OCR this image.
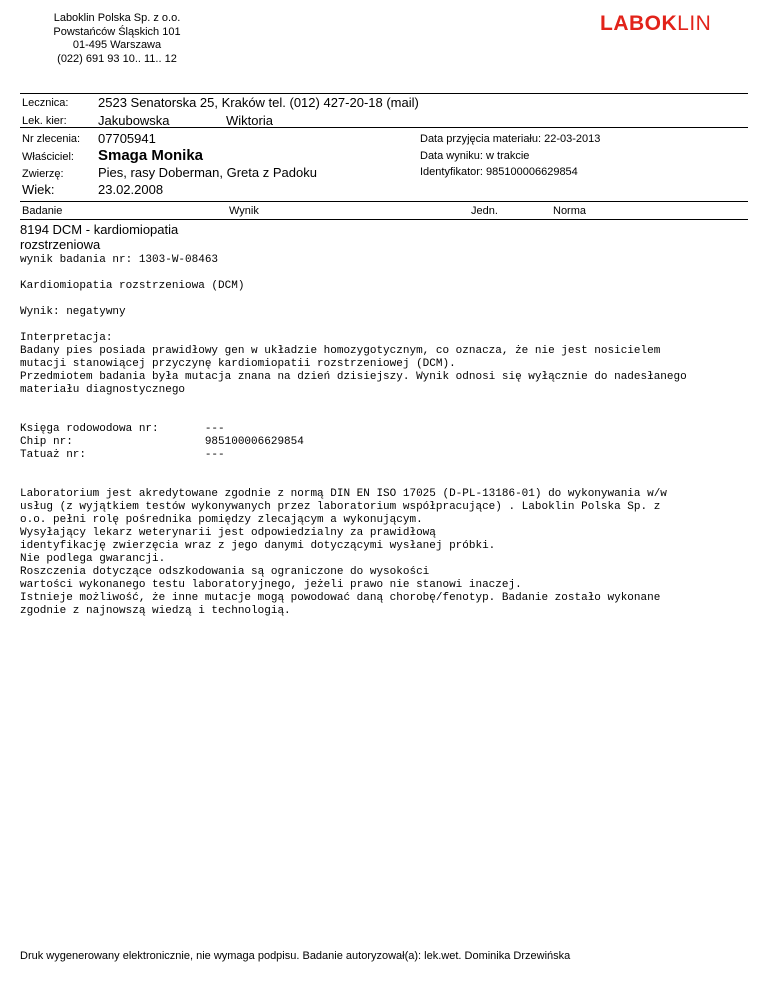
Laboklin Polska Sp. z o.o.
Powstańców Śląskich 101
01-495 Warszawa
(022) 691 93 10.. 11.. 12
LABOKLIN
Lecznica: 2523 Senatorska 25, Kraków tel. (012) 427-20-18 (mail)
Lek. kier: Jakubowska	Wiktoria
Nr zlecenia: 07705941
Właściciel: Smaga Monika
Zwierzę:	Pies, rasy Doberman, Greta z Padoku
Wiek:	23.02.2008
Data przyjęcia materiału: 22-03-2013
Data wyniku: w trakcie
Identyfikator: 985100006629854
Badanie	Wynik	Jedn.	Norma
8194 DCM - kardiomiopatia rozstrzeniowa
wynik badania nr: 1303-W-08463

Kardiomiopatia rozstrzeniowa (DCM)

Wynik: negatywny

Interpretacja:
Badany pies posiada prawidłowy gen w układzie homozygotycznym, co oznacza, że nie jest nosicielem
mutacji stanowiącej przyczynę kardiomiopatii rozstrzeniowej (DCM).
Przedmiotem badania była mutacja znana na dzień dzisiejszy. Wynik odnosi się wyłącznie do nadesłanego
materiału diagnostycznego

Księga rodowodowa nr:       ---
Chip nr:                    985100006629854
Tatuaż nr:                  ---

Laboratorium jest akredytowane zgodnie z normą DIN EN ISO 17025 (D-PL-13186-01) do wykonywania w/w
usług (z wyjątkiem testów wykonywanych przez laboratorium współpracujące) . Laboklin Polska Sp. z
o.o. pełni rolę pośrednika pomiędzy zlecającym a wykonującym.
Wysyłający lekarz weterynarii jest odpowiedzialny za prawidłową
identyfikację zwierzęcia wraz z jego danymi dotyczącymi wysłanej próbki.
Nie podlega gwarancji.
Roszczenia dotyczące odszkodowania są ograniczone do wysokości
wartości wykonanego testu laboratoryjnego, jeżeli prawo nie stanowi inaczej.
Istnieje możliwość, że inne mutacje mogą powodować daną chorobę/fenotyp. Badanie zostało wykonane
zgodnie z najnowszą wiedzą i technologią.
Druk wygenerowany elektronicznie, nie wymaga podpisu. Badanie autoryzował(a): lek.wet. Dominika Drzewińska
